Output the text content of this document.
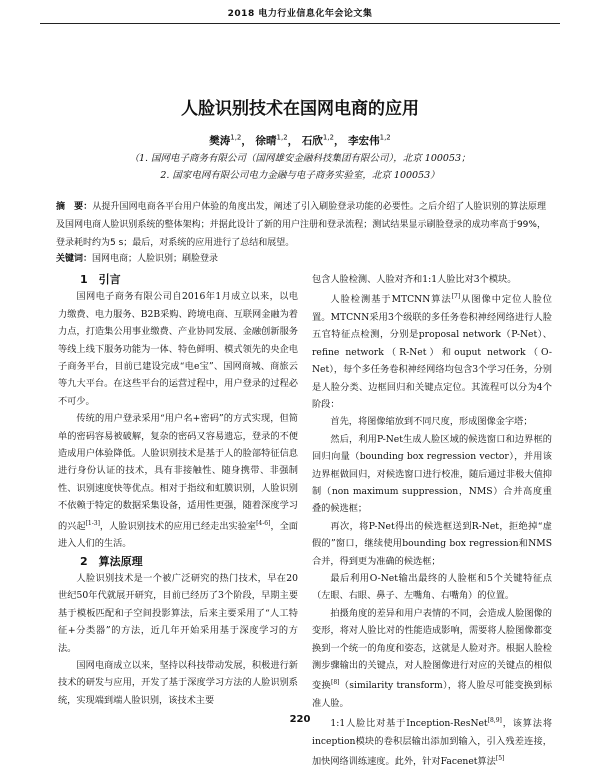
2018 电力行业信息化年会论文集
人脸识别技术在国网电商的应用
樊涛$^{1,2}$， 徐晴$^{1,2}$， 石欣$^{1,2}$， 李宏伟$^{1,2}$
（1. 国网电子商务有限公司（国网雄安金融科技集团有限公司），北京 100053；
2. 国家电网有限公司电力金融与电子商务实验室，北京 100053）
摘　要：从提升国网电商各平台用户体验的角度出发，阐述了引入刷脸登录功能的必要性。之后介绍了人脸识别的算法原理及国网电商人脸识别系统的整体架构；并据此设计了新的用户注册和登录流程；测试结果显示刷脸登录的成功率高于99%，登录耗时约为5 s；最后，对系统的应用进行了总结和展望。
关键词：国网电商；人脸识别；刷脸登录

1　引言

国网电子商务有限公司自2016年1月成立以来，以电力缴费、电力服务、B2B采购、跨境电商、互联网金融为着力点，打造集公用事业缴费、产业协同发展、金融创新服务等线上线下服务功能为一体、特色鲜明、模式领先的央企电子商务平台，目前已建设完成“电e宝”、国网商城、商旅云等九大平台。在这些平台的运营过程中，用户登录的过程必不可少。

传统的用户登录采用“用户名+密码”的方式实现，但简单的密码容易被破解，复杂的密码又容易遗忘，登录的不便造成用户体验降低。人脸识别技术是基于人的脸部特征信息进行身份认证的技术，具有非接触性、随身携带、非强制性、识别速度快等优点。相对于指纹和虹膜识别，人脸识别不依赖于特定的数据采集设备，适用性更强，随着深度学习的兴起[1-3]，人脸识别技术的应用已经走出实验室[4-6]，全面进入人们的生活。

2　算法原理

人脸识别技术是一个被广泛研究的热门技术，早在20世纪50年代就展开研究，目前已经历了3个阶段，早期主要基于模板匹配和子空间投影算法，后来主要采用了“人工特征+分类器”的方法，近几年开始采用基于深度学习的方法。

国网电商成立以来，坚持以科技带动发展，积极进行新技术的研发与应用，开发了基于深度学习方法的人脸识别系统，实现端到端人脸识别，该技术主要

包含人脸检测、人脸对齐和1:1人脸比对3个模块。

人脸检测基于MTCNN算法[7]从图像中定位人脸位置。MTCNN采用3个级联的多任务卷积神经网络进行人脸五官特征点检测，分别是proposal network（P-Net）、refine network（R-Net）和ouput network（O-Net），每个多任务卷积神经网络均包含3个学习任务，分别是人脸分类、边框回归和关键点定位。其流程可以分为4个阶段：

首先，将图像缩放到不同尺度，形成图像金字塔；

然后，利用P-Net生成人脸区域的候选窗口和边界框的回归向量（bounding box regression vector），并用该边界框做回归，对候选窗口进行校准，随后通过非极大值抑制（non maximum suppression，NMS）合并高度重叠的候选框；

再次，将P-Net得出的候选框送到R-Net，拒绝掉“虚假的”窗口，继续使用bounding box regression和NMS合并，得到更为准确的候选框；

最后利用O-Net输出最终的人脸框和5个关键特征点（左眼、右眼、鼻子、左嘴角、右嘴角）的位置。

拍摄角度的差异和用户表情的不同，会造成人脸图像的变形，将对人脸比对的性能造成影响，需要将人脸图像都变换到一个统一的角度和姿态，这就是人脸对齐。根据人脸检测步骤输出的关键点，对人脸图像进行对应的关键点的相似变换[8]（similarity transform），将人脸尽可能变换到标准人脸。

1:1人脸比对基于Inception-ResNet[8,9]，该算法将inception模块的卷积层输出添加到输入，引入残差连接，加快网络训练速度。此外，针对Facenet算法[5]

220
